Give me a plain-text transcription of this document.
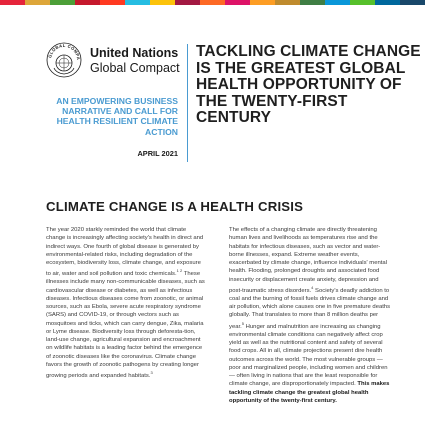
GLOBAL COMPA United Nations
Global Compact
AN EMPOWERING BUSINESS NARRATIVE AND CALL FOR HEALTH RESILIENT CLIMATE ACTION
APRIL 2021
TACKLING CLIMATE CHANGE IS THE GREATEST GLOBAL HEALTH OPPORTUNITY OF THE TWENTY-FIRST CENTURY
CLIMATE CHANGE IS A HEALTH CRISIS

The year 2020 starkly reminded the world that climate change is increasingly affecting society's health in direct and indirect ways. One fourth of global disease is generated by environmental-related risks, including degradation of the ecosystem, biodiversity loss, climate change, and exposure to air, water and soil pollution and toxic chemicals.$^{1 2}$ These illnesses include many non-communicable diseases, such as cardiovascular disease or diabetes, as well as infectious diseases. Infectious diseases come from zoonotic, or animal sources, such as Ebola, severe acute respiratory syndrome (SARS) and COVID-19, or through vectors such as mosquitoes and ticks, which can carry dengue, Zika, malaria or Lyme disease. Biodiversity loss through deforesta-tion, land-use change, agricultural expansion and encroachment on wildlife habitats is a leading factor behind the emergence of zoonotic diseases like the coronavirus. Climate change favors the growth of zoonotic pathogens by creating longer growing periods and expanded habitats.$^3$

The effects of a changing climate are directly threatening human lives and livelihoods as temperatures rise and the habitats for infectious diseases, such as vector and water-borne illnesses, expand. Extreme weather events, exacerbated by climate change, influence individuals' mental health. Flooding, prolonged droughts and associated food insecurity or displacement create anxiety, depression and post-traumatic stress disorders.$^4$ Society's deadly addiction to coal and the burning of fossil fuels drives climate change and air pollution, which alone causes one in five premature deaths globally. That translates to more than 8 million deaths per year.$^5$ Hunger and malnutrition are increasing as changing environmental climate conditions can negatively affect crop yield as well as the nutritional content and safety of several food crops. All in all, climate projections present dire health outcomes across the world. The most vulnerable groups — poor and marginalized people, including women and children — often living in nations that are the least responsible for climate change, are disproportionately impacted. This makes tackling climate change the greatest global health opportunity of the twenty-first century.
